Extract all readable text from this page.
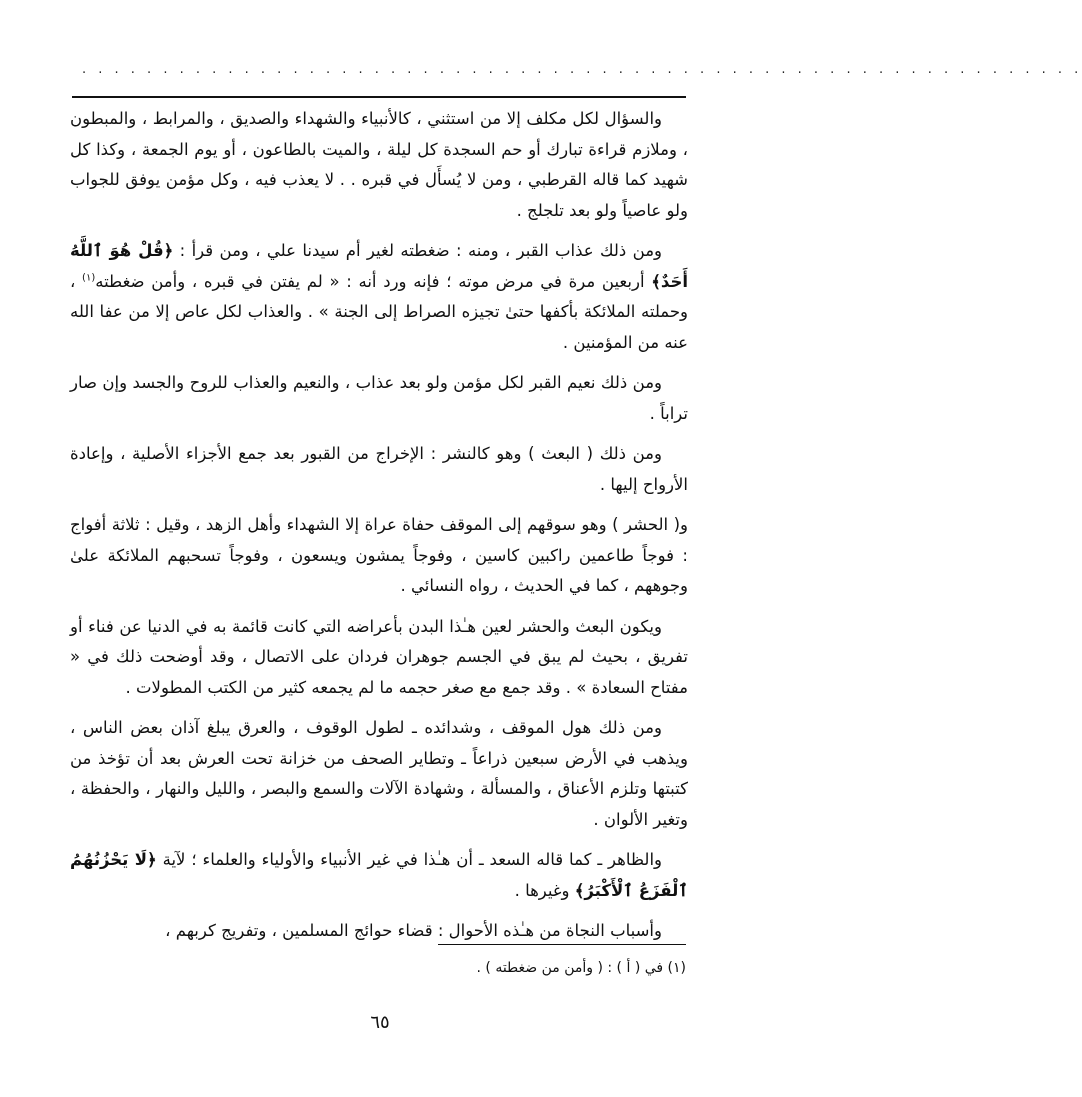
. . . . . . . . . . . . . . . . . . . . . . . . . . . . . . . . . . . . . . . . . . . . . . . . . . . . . . . . . . . . . .

والسؤال لكل مكلف إلا من استثني ، كالأنبياء والشهداء والصديق ، والمرابط ، والمبطون ، وملازم قراءة تبارك أو حم السجدة كل ليلة ، والميت بالطاعون ، أو يوم الجمعة ، وكذا كل شهيد كما قاله القرطبي ، ومن لا يُسأَل في قبره . . لا يعذب فيه ، وكل مؤمن يوفق للجواب ولو عاصياً ولو بعد تلجلج .

ومن ذلك عذاب القبر ، ومنه : ضغطته لغير أم سيدنا علي ، ومن قرأ : ﴿قُلْ هُوَ ٱللَّهُ أَحَدٌ﴾ أربعين مرة في مرض موته ؛ فإنه ورد أنه : « لم يفتن في قبره ، وأمن ضغطته$^{(١)}$ ، وحملته الملائكة بأكفها حتىٰ تجيزه الصراط إلى الجنة » . والعذاب لكل عاص إلا من عفا الله عنه من المؤمنين .

ومن ذلك نعيم القبر لكل مؤمن ولو بعد عذاب ، والنعيم والعذاب للروح والجسد وإن صار تراباً .

ومن ذلك ( البعث ) وهو كالنشر : الإخراج من القبور بعد جمع الأجزاء الأصلية ، وإعادة الأرواح إليها .

و( الحشر ) وهو سوقهم إلى الموقف حفاة عراة إلا الشهداء وأهل الزهد ، وقيل : ثلاثة أفواج : فوجاً طاعمين راكبين كاسين ، وفوجاً يمشون ويسعون ، وفوجاً تسحبهم الملائكة علىٰ وجوههم ، كما في الحديث ، رواه النسائي .

ويكون البعث والحشر لعين هـٰذا البدن بأعراضه التي كانت قائمة به في الدنيا عن فناء أو تفريق ، بحيث لم يبق في الجسم جوهران فردان على الاتصال ، وقد أوضحت ذلك في « مفتاح السعادة » . وقد جمع مع صغر حجمه ما لم يجمعه كثير من الكتب المطولات .

ومن ذلك هول الموقف ، وشدائده ـ لطول الوقوف ، والعرق يبلغ آذان بعض الناس ، ويذهب في الأرض سبعين ذراعاً ـ وتطاير الصحف من خزانة تحت العرش بعد أن تؤخذ من كتبتها وتلزم الأعناق ، والمسألة ، وشهادة الآلات والسمع والبصر ، والليل والنهار ، والحفظة ، وتغير الألوان .

والظاهر ـ كما قاله السعد ـ أن هـٰذا في غير الأنبياء والأولياء والعلماء ؛ لآية ﴿لَا يَحْزُنُهُمُ ٱلْفَزَعُ ٱلْأَكْبَرُ﴾ وغيرها .

وأسباب النجاة من هـٰذه الأحوال : قضاء حوائج المسلمين ، وتفريج كربهم ،

(١) في ( أ ) : ( وأمن من ضغطته ) .
٦٥
